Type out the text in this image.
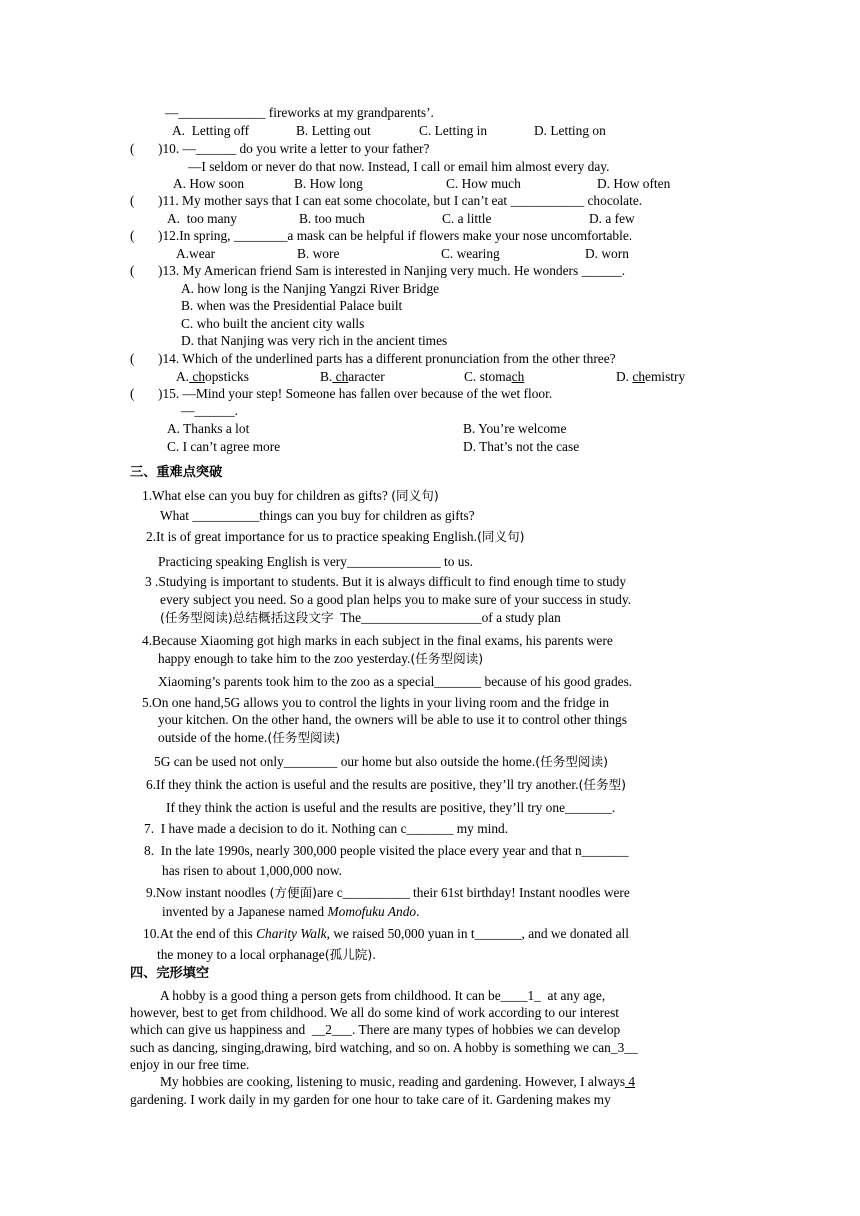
—_____________ fireworks at my grandparents’.
A.  Letting off	B. Letting out	C. Letting in	D. Letting on
( )10. —______ do you write a letter to your father?
—I seldom or never do that now. Instead, I call or email him almost every day.
A. How soon	B. How long	C. How much	D. How often
( )11. My mother says that I can eat some chocolate, but I can’t eat ___________ chocolate.
A.  too many	B. too much	C. a little	D. a few
( )12.In spring, ________a mask can be helpful if flowers make your nose uncomfortable.
A.wear	B. wore	C. wearing	D. worn
( )13. My American friend Sam is interested in Nanjing very much. He wonders ______.
A. how long is the Nanjing Yangzi River Bridge
B. when was the Presidential Palace built
C. who built the ancient city walls
D. that Nanjing was very rich in the ancient times
( )14. Which of the underlined parts has a different pronunciation from the other three?
A. chopsticks	B. character	C. stomach	D. chemistry
( )15. —Mind your step! Someone has fallen over because of the wet floor.
—______.
A. Thanks a lot	B. You’re welcome
C. I can’t agree more	D. That’s not the case
三、重难点突破
1.What else can you buy for children as gifts? (同义句)
What __________things can you buy for children as gifts?
2.It is of great importance for us to practice speaking English.(同义句)
Practicing speaking English is very______________ to us.
3 .Studying is important to students. But it is always difficult to find enough time to study
every subject you need. So a good plan helps you to make sure of your success in study.
(任务型阅读)总结概括这段文字  The__________________of a study plan
4.Because Xiaoming got high marks in each subject in the final exams, his parents were
happy enough to take him to the zoo yesterday.(任务型阅读)
Xiaoming’s parents took him to the zoo as a special_______ because of his good grades.
5.On one hand,5G allows you to control the lights in your living room and the fridge in
your kitchen. On the other hand, the owners will be able to use it to control other things
outside of the home.(任务型阅读)
5G can be used not only________ our home but also outside the home.(任务型阅读)
6.If they think the action is useful and the results are positive, they’ll try another.(任务型)
If they think the action is useful and the results are positive, they’ll try one_______.
7.  I have made a decision to do it. Nothing can c_______ my mind.
8.  In the late 1990s, nearly 300,000 people visited the place every year and that n_______
has risen to about 1,000,000 now.
9.Now instant noodles (方便面)are c__________ their 61st birthday! Instant noodles were
invented by a Japanese named Momofuku Ando.
10.At the end of this Charity Walk, we raised 50,000 yuan in t_______, and we donated all
the money to a local orphanage(孤儿院).
四、完形填空
A hobby is a good thing a person gets from childhood. It can be____1_  at any age,
however, best to get from childhood. We all do some kind of work according to our interest
which can give us happiness and  __2___. There are many types of hobbies we can develop
such as dancing, singing,drawing, bird watching, and so on. A hobby is something we can_3__
enjoy in our free time.
My hobbies are cooking, listening to music, reading and gardening. However, I always 4
gardening. I work daily in my garden for one hour to take care of it. Gardening makes my
